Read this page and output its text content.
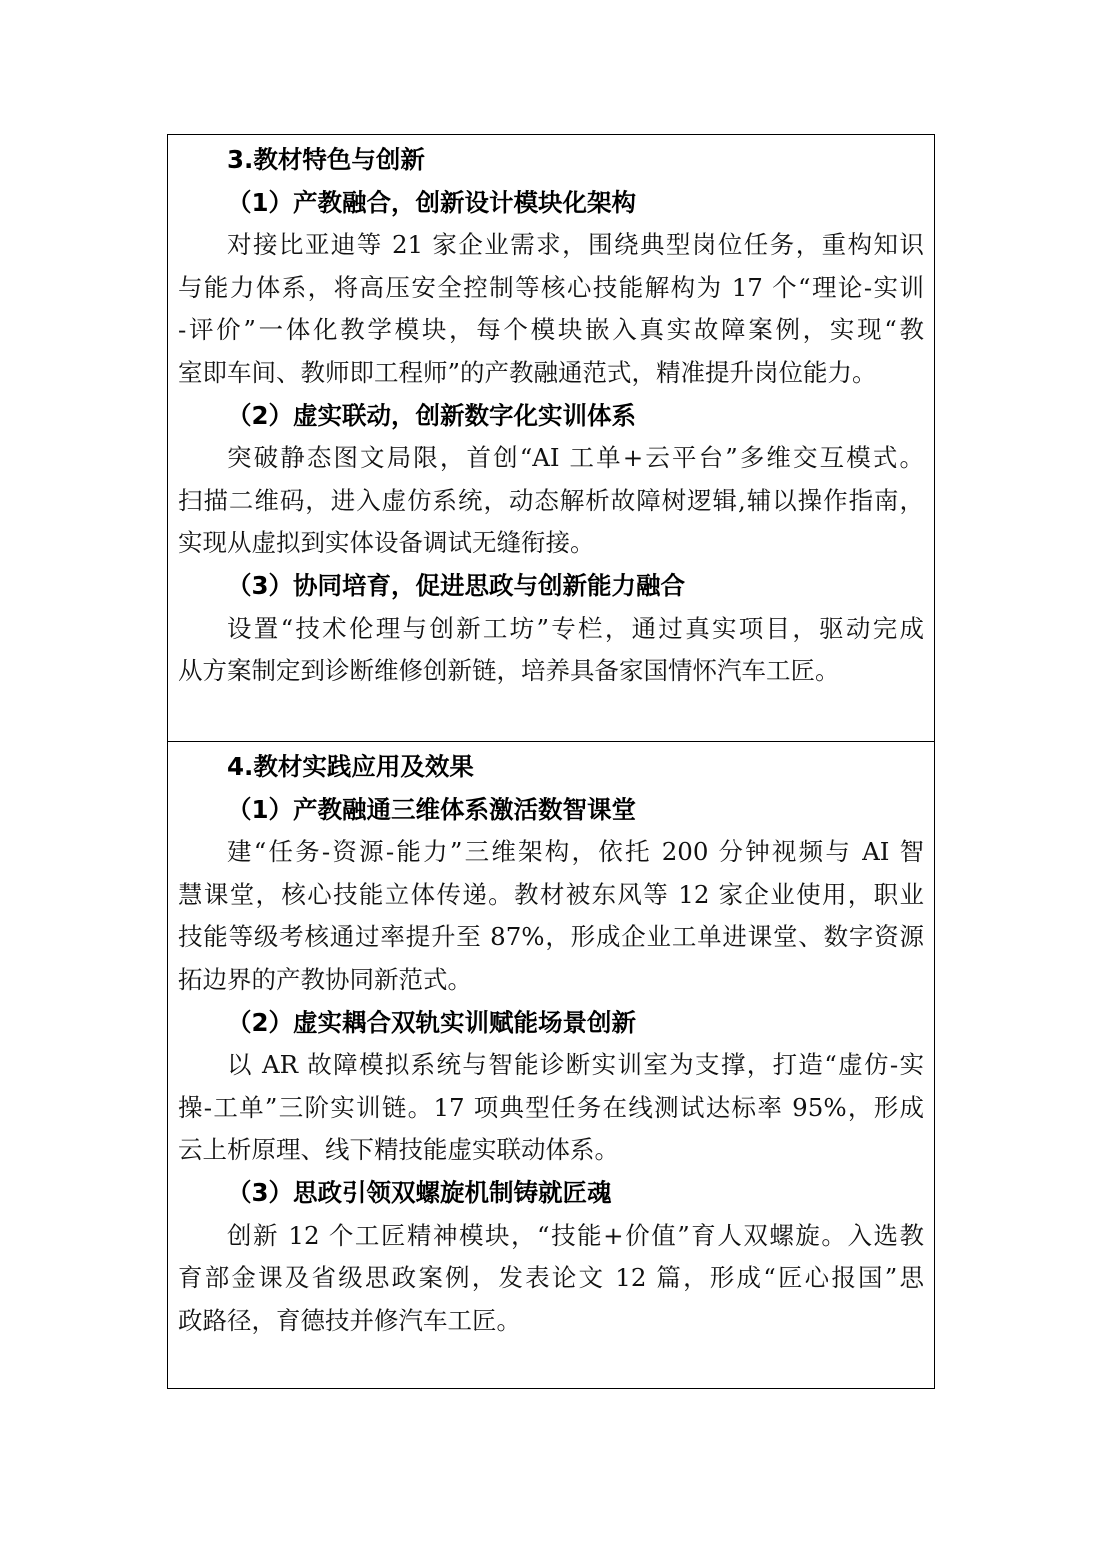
3.教材特色与创新
（1）产教融合，创新设计模块化架构
对接比亚迪等 21 家企业需求，围绕典型岗位任务，重构知识
与能力体系，将高压安全控制等核心技能解构为 17 个“理论-实训
-评价”一体化教学模块，每个模块嵌入真实故障案例，实现“教
室即车间、教师即工程师”的产教融通范式，精准提升岗位能力。
（2）虚实联动，创新数字化实训体系
突破静态图文局限，首创“AI 工单+云平台”多维交互模式。
扫描二维码，进入虚仿系统，动态解析故障树逻辑,辅以操作指南，
实现从虚拟到实体设备调试无缝衔接。
（3）协同培育，促进思政与创新能力融合
设置“技术伦理与创新工坊”专栏，通过真实项目，驱动完成
从方案制定到诊断维修创新链，培养具备家国情怀汽车工匠。
4.教材实践应用及效果
（1）产教融通三维体系激活数智课堂
建“任务-资源-能力”三维架构，依托 200 分钟视频与 AI 智
慧课堂，核心技能立体传递。教材被东风等 12 家企业使用，职业
技能等级考核通过率提升至 87%，形成企业工单进课堂、数字资源
拓边界的产教协同新范式。
（2）虚实耦合双轨实训赋能场景创新
以 AR 故障模拟系统与智能诊断实训室为支撑，打造“虚仿-实
操-工单”三阶实训链。17 项典型任务在线测试达标率 95%，形成
云上析原理、线下精技能虚实联动体系。
（3）思政引领双螺旋机制铸就匠魂
创新 12 个工匠精神模块，“技能+价值”育人双螺旋。入选教
育部金课及省级思政案例，发表论文 12 篇，形成“匠心报国”思
政路径，育德技并修汽车工匠。
